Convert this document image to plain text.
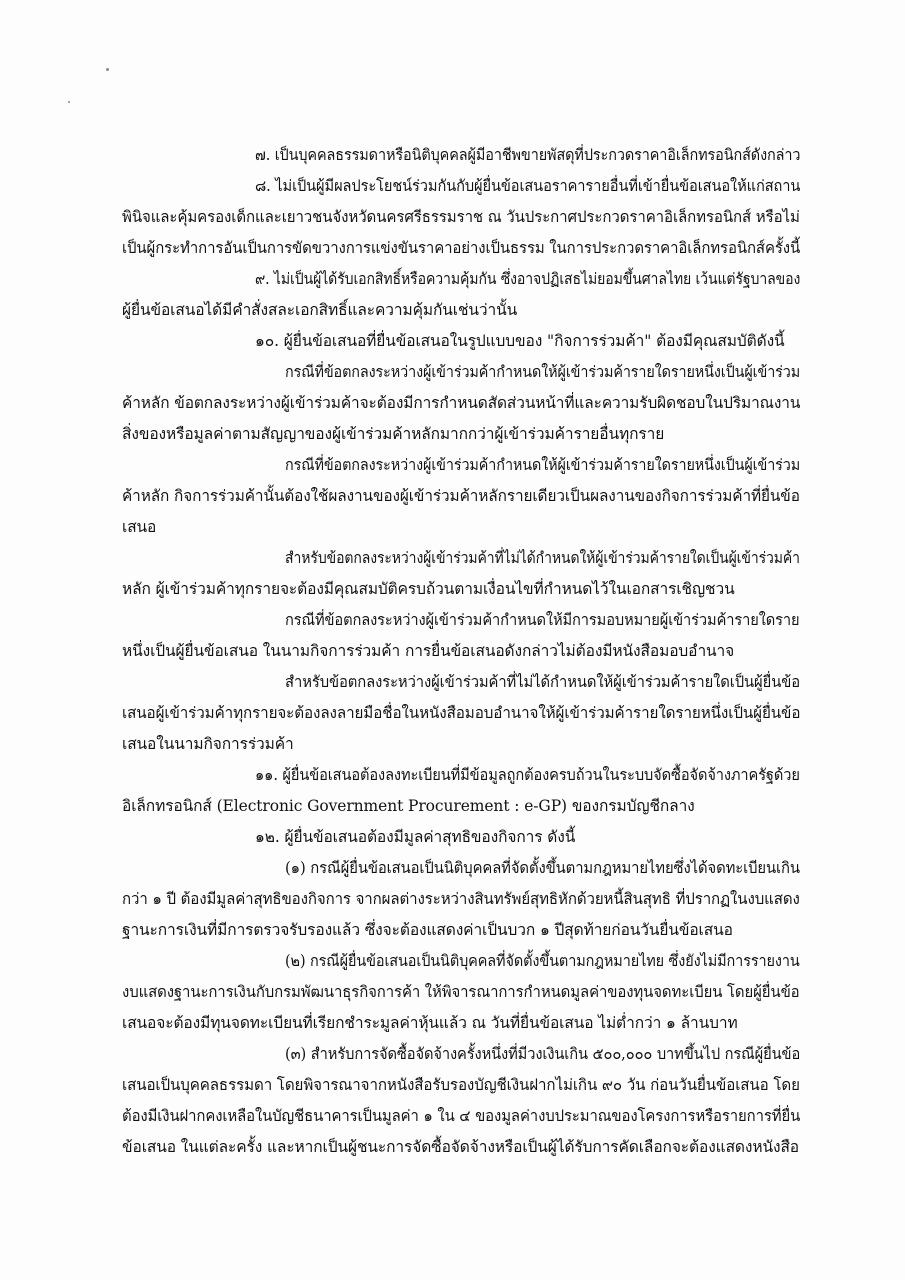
๗. เป็นบุคคลธรรมดาหรือนิติบุคคลผู้มีอาชีพขายพัสดุที่ประกวดราคาอิเล็กทรอนิกส์ดังกล่าว
๘. ไม่เป็นผู้มีผลประโยชน์ร่วมกันกับผู้ยื่นข้อเสนอราคารายอื่นที่เข้ายื่นข้อเสนอให้แก่สถาน
พินิจและคุ้มครองเด็กและเยาวชนจังหวัดนครศรีธรรมราช ณ วันประกาศประกวดราคาอิเล็กทรอนิกส์ หรือไม่
เป็นผู้กระทำการอันเป็นการขัดขวางการแข่งขันราคาอย่างเป็นธรรม ในการประกวดราคาอิเล็กทรอนิกส์ครั้งนี้
๙. ไม่เป็นผู้ได้รับเอกสิทธิ์หรือความคุ้มกัน ซึ่งอาจปฏิเสธไม่ยอมขึ้นศาลไทย เว้นแต่รัฐบาลของ
ผู้ยื่นข้อเสนอได้มีคำสั่งสละเอกสิทธิ์และความคุ้มกันเช่นว่านั้น
๑๐. ผู้ยื่นข้อเสนอที่ยื่นข้อเสนอในรูปแบบของ "กิจการร่วมค้า" ต้องมีคุณสมบัติดังนี้
กรณีที่ข้อตกลงระหว่างผู้เข้าร่วมค้ากำหนดให้ผู้เข้าร่วมค้ารายใดรายหนึ่งเป็นผู้เข้าร่วม
ค้าหลัก ข้อตกลงระหว่างผู้เข้าร่วมค้าจะต้องมีการกำหนดสัดส่วนหน้าที่และความรับผิดชอบในปริมาณงาน
สิ่งของหรือมูลค่าตามสัญญาของผู้เข้าร่วมค้าหลักมากกว่าผู้เข้าร่วมค้ารายอื่นทุกราย
กรณีที่ข้อตกลงระหว่างผู้เข้าร่วมค้ากำหนดให้ผู้เข้าร่วมค้ารายใดรายหนึ่งเป็นผู้เข้าร่วม
ค้าหลัก กิจการร่วมค้านั้นต้องใช้ผลงานของผู้เข้าร่วมค้าหลักรายเดียวเป็นผลงานของกิจการร่วมค้าที่ยื่นข้อ
เสนอ
สำหรับข้อตกลงระหว่างผู้เข้าร่วมค้าที่ไม่ได้กำหนดให้ผู้เข้าร่วมค้ารายใดเป็นผู้เข้าร่วมค้า
หลัก ผู้เข้าร่วมค้าทุกรายจะต้องมีคุณสมบัติครบถ้วนตามเงื่อนไขที่กำหนดไว้ในเอกสารเชิญชวน
กรณีที่ข้อตกลงระหว่างผู้เข้าร่วมค้ากำหนดให้มีการมอบหมายผู้เข้าร่วมค้ารายใดราย
หนึ่งเป็นผู้ยื่นข้อเสนอ ในนามกิจการร่วมค้า การยื่นข้อเสนอดังกล่าวไม่ต้องมีหนังสือมอบอำนาจ
สำหรับข้อตกลงระหว่างผู้เข้าร่วมค้าที่ไม่ได้กำหนดให้ผู้เข้าร่วมค้ารายใดเป็นผู้ยื่นข้อ
เสนอผู้เข้าร่วมค้าทุกรายจะต้องลงลายมือชื่อในหนังสือมอบอำนาจให้ผู้เข้าร่วมค้ารายใดรายหนึ่งเป็นผู้ยื่นข้อ
เสนอในนามกิจการร่วมค้า
๑๑. ผู้ยื่นข้อเสนอต้องลงทะเบียนที่มีข้อมูลถูกต้องครบถ้วนในระบบจัดซื้อจัดจ้างภาครัฐด้วย
อิเล็กทรอนิกส์ (Electronic Government Procurement : e-GP) ของกรมบัญชีกลาง
๑๒. ผู้ยื่นข้อเสนอต้องมีมูลค่าสุทธิของกิจการ ดังนี้
(๑) กรณีผู้ยื่นข้อเสนอเป็นนิติบุคคลที่จัดตั้งขึ้นตามกฎหมายไทยซึ่งได้จดทะเบียนเกิน
กว่า ๑ ปี ต้องมีมูลค่าสุทธิของกิจการ จากผลต่างระหว่างสินทรัพย์สุทธิหักด้วยหนี้สินสุทธิ ที่ปรากฏในงบแสดง
ฐานะการเงินที่มีการตรวจรับรองแล้ว ซึ่งจะต้องแสดงค่าเป็นบวก ๑ ปีสุดท้ายก่อนวันยื่นข้อเสนอ
(๒) กรณีผู้ยื่นข้อเสนอเป็นนิติบุคคลที่จัดตั้งขึ้นตามกฎหมายไทย ซึ่งยังไม่มีการรายงาน
งบแสดงฐานะการเงินกับกรมพัฒนาธุรกิจการค้า ให้พิจารณาการกำหนดมูลค่าของทุนจดทะเบียน โดยผู้ยื่นข้อ
เสนอจะต้องมีทุนจดทะเบียนที่เรียกชำระมูลค่าหุ้นแล้ว ณ วันที่ยื่นข้อเสนอ ไม่ต่ำกว่า ๑ ล้านบาท
(๓) สำหรับการจัดซื้อจัดจ้างครั้งหนึ่งที่มีวงเงินเกิน ๕๐๐,๐๐๐ บาทขึ้นไป กรณีผู้ยื่นข้อ
เสนอเป็นบุคคลธรรมดา โดยพิจารณาจากหนังสือรับรองบัญชีเงินฝากไม่เกิน ๙๐ วัน ก่อนวันยื่นข้อเสนอ โดย
ต้องมีเงินฝากคงเหลือในบัญชีธนาคารเป็นมูลค่า ๑ ใน ๔ ของมูลค่างบประมาณของโครงการหรือรายการที่ยื่น
ข้อเสนอ ในแต่ละครั้ง และหากเป็นผู้ชนะการจัดซื้อจัดจ้างหรือเป็นผู้ได้รับการคัดเลือกจะต้องแสดงหนังสือ
